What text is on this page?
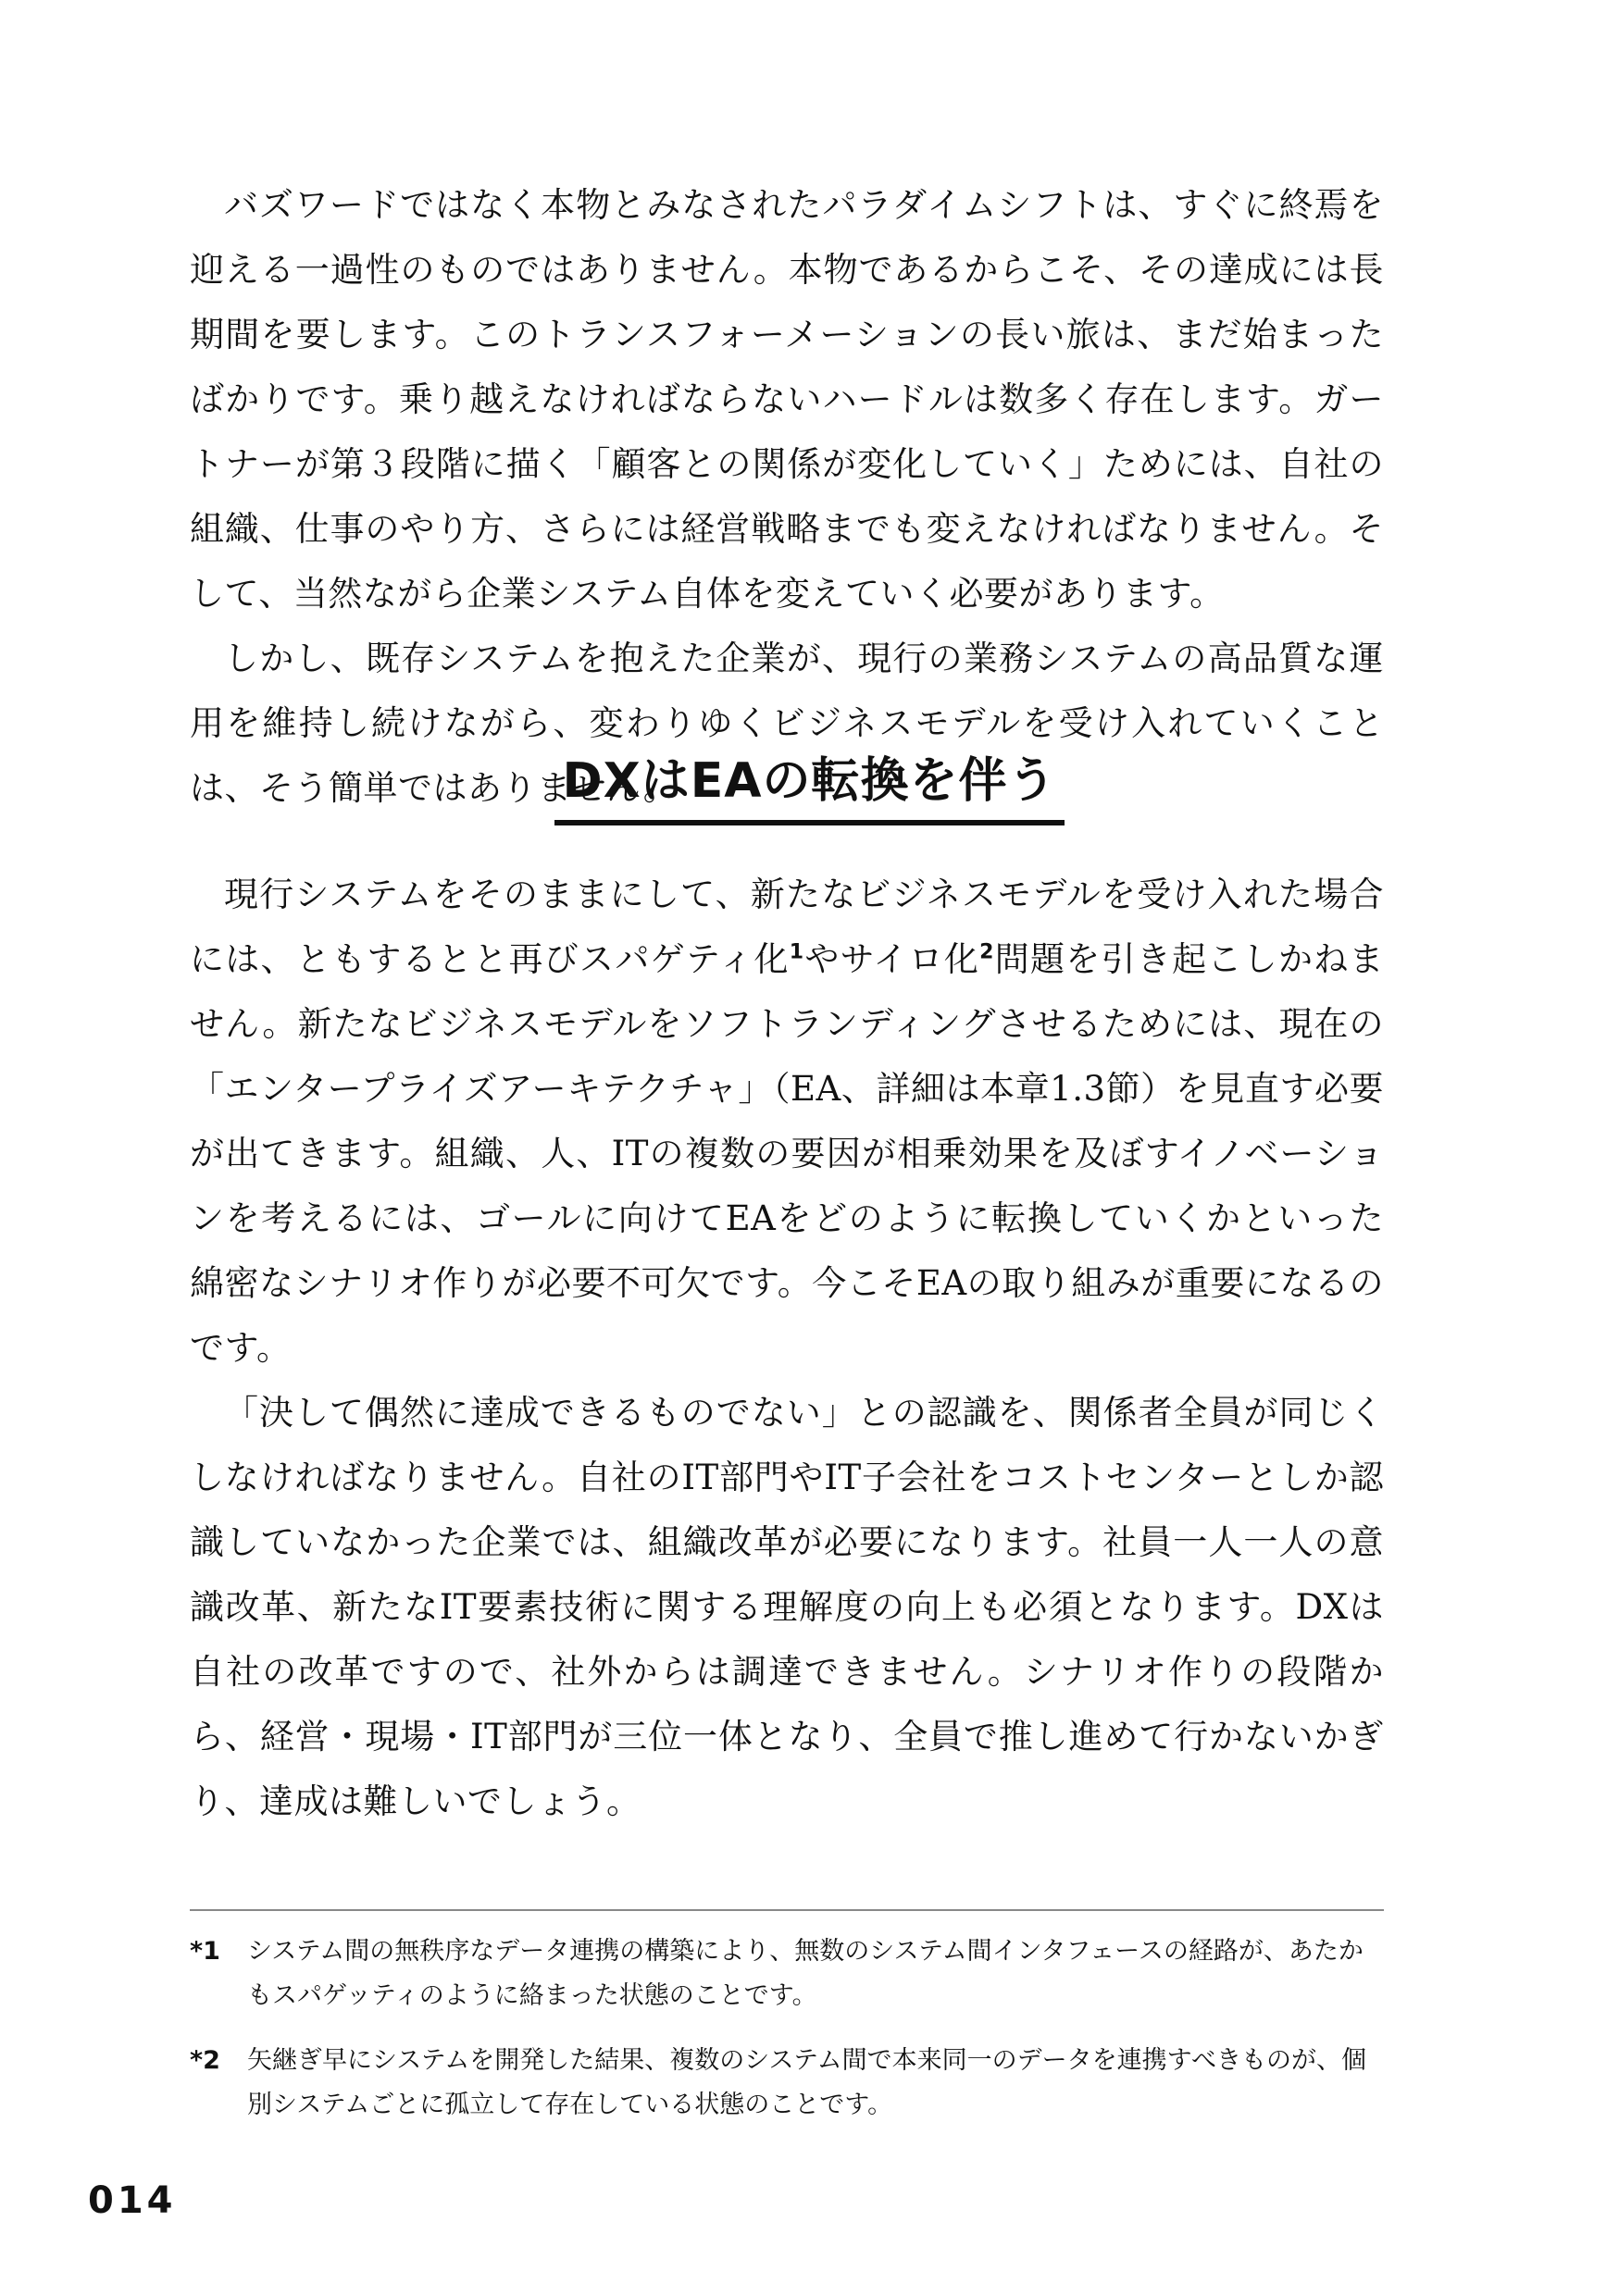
バズワードではなく本物とみなされたパラダイムシフトは、すぐに終焉を迎える一過性のものではありません。本物であるからこそ、その達成には長期間を要します。このトランスフォーメーションの長い旅は、まだ始まったばかりです。乗り越えなければならないハードルは数多く存在します。ガートナーが第３段階に描く「顧客との関係が変化していく」ためには、自社の組織、仕事のやり方、さらには経営戦略までも変えなければなりません。そして、当然ながら企業システム自体を変えていく必要があります。

しかし、既存システムを抱えた企業が、現行の業務システムの高品質な運用を維持し続けながら、変わりゆくビジネスモデルを受け入れていくことは、そう簡単ではありません。

DXはEAの転換を伴う

現行システムをそのままにして、新たなビジネスモデルを受け入れた場合には、ともするとと再びスパゲティ化$^1$やサイロ化$^2$問題を引き起こしかねません。新たなビジネスモデルをソフトランディングさせるためには、現在の「エンタープライズアーキテクチャ」（EA、詳細は本章1.3節）を見直す必要が出てきます。組織、人、ITの複数の要因が相乗効果を及ぼすイノベーションを考えるには、ゴールに向けてEAをどのように転換していくかといった綿密なシナリオ作りが必要不可欠です。今こそEAの取り組みが重要になるのです。

「決して偶然に達成できるものでない」との認識を、関係者全員が同じくしなければなりません。自社のIT部門やIT子会社をコストセンターとしか認識していなかった企業では、組織改革が必要になります。社員一人一人の意識改革、新たなIT要素技術に関する理解度の向上も必須となります。DXは自社の改革ですので、社外からは調達できません。シナリオ作りの段階から、経営・現場・IT部門が三位一体となり、全員で推し進めて行かないかぎり、達成は難しいでしょう。

*1	システム間の無秩序なデータ連携の構築により、無数のシステム間インタフェースの経路が、あたかもスパゲッティのように絡まった状態のことです。
*2	矢継ぎ早にシステムを開発した結果、複数のシステム間で本来同一のデータを連携すべきものが、個別システムごとに孤立して存在している状態のことです。
014
